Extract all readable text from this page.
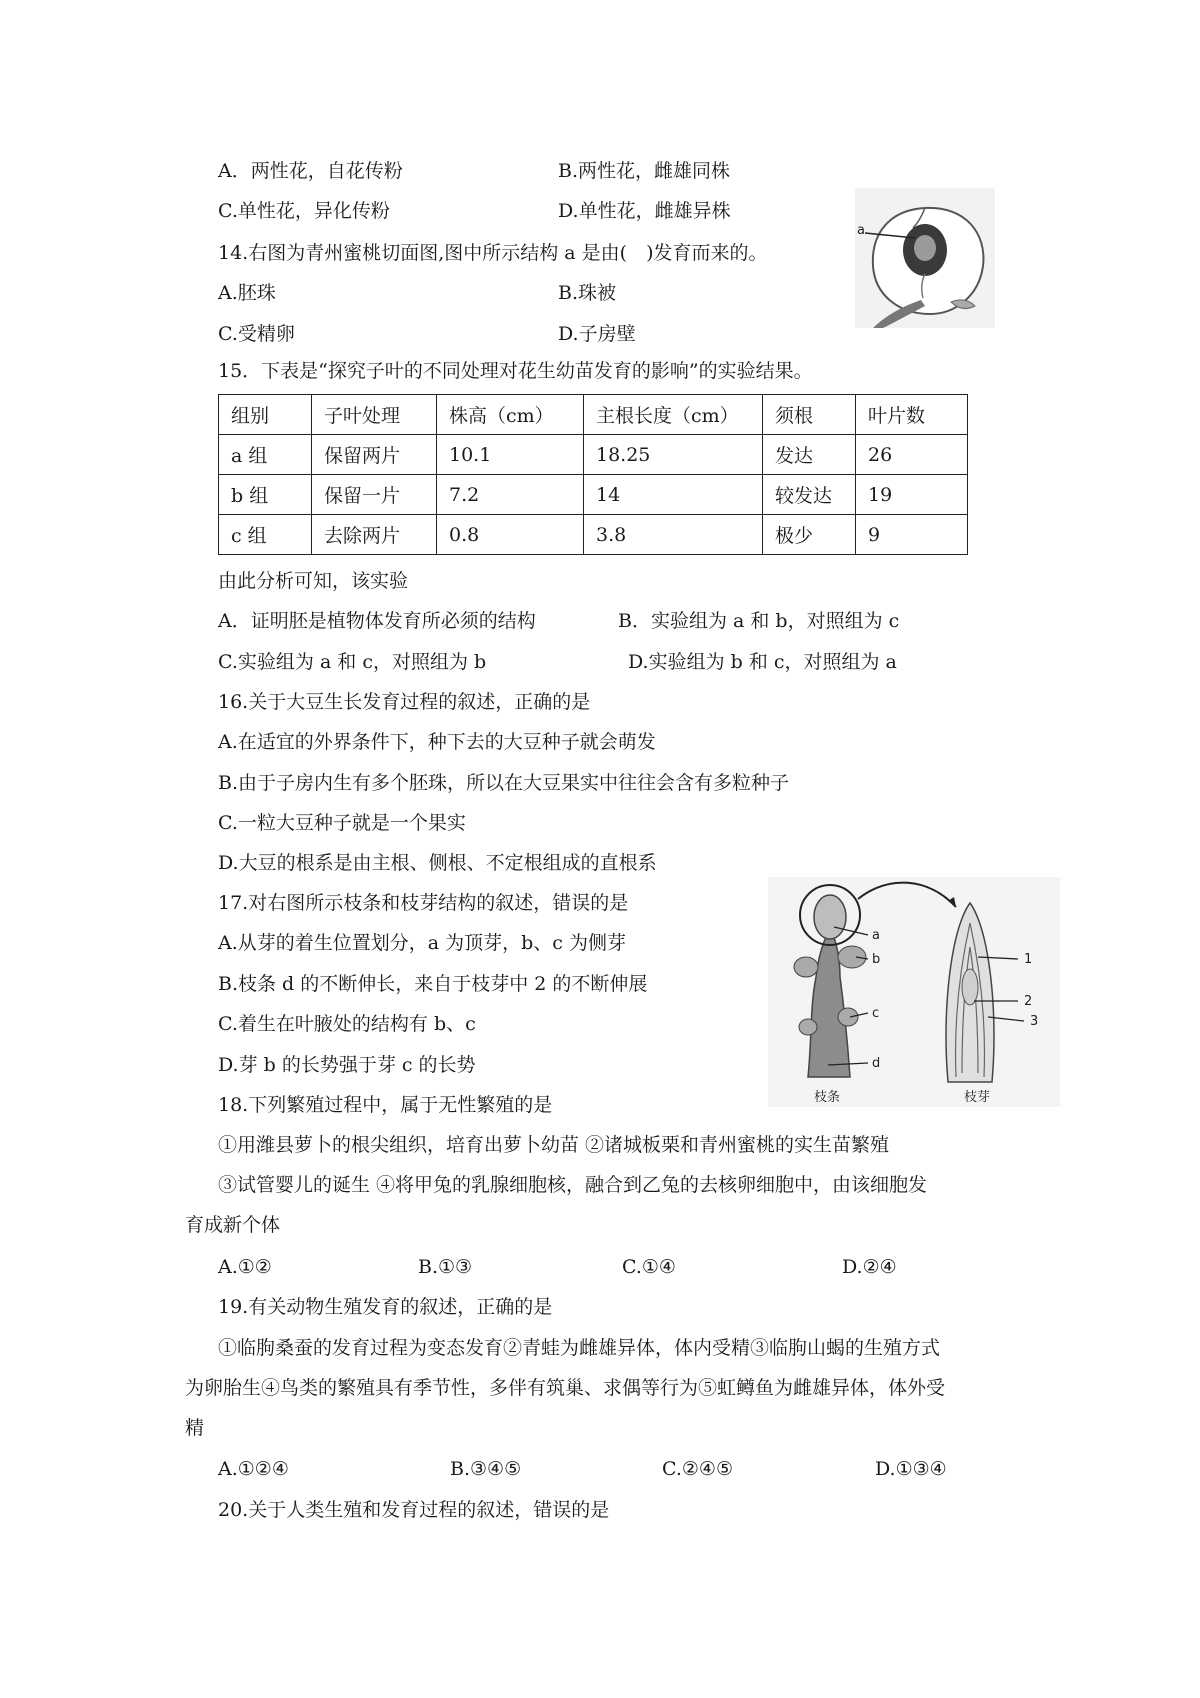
A．两性花，自花传粉	B.两性花，雌雄同株
C.单性花，异化传粉	D.单性花，雌雄异株
14.右图为青州蜜桃切面图,图中所示结构 a 是由(　)发育而来的。
A.胚珠	B.珠被
C.受精卵	D.子房壁
a
15．下表是“探究子叶的不同处理对花生幼苗发育的影响”的实验结果。
组别	子叶处理	株高（cm）	主根长度（cm）	须根	叶片数
a 组	保留两片	10.1	18.25	发达	26
b 组	保留一片	7.2	14	较发达	19
c 组	去除两片	0.8	3.8	极少	9
由此分析可知，该实验
A．证明胚是植物体发育所必须的结构	B．实验组为 a 和 b，对照组为 c
C.实验组为 a 和 c，对照组为 b	D.实验组为 b 和 c，对照组为 a
16.关于大豆生长发育过程的叙述，正确的是
A.在适宜的外界条件下，种下去的大豆种子就会萌发
B.由于子房内生有多个胚珠，所以在大豆果实中往往会含有多粒种子
C.一粒大豆种子就是一个果实
D.大豆的根系是由主根、侧根、不定根组成的直根系
17.对右图所示枝条和枝芽结构的叙述，错误的是
A.从芽的着生位置划分，a 为顶芽，b、c 为侧芽
B.枝条 d 的不断伸长，来自于枝芽中 2 的不断伸展
C.着生在叶腋处的结构有 b、c
D.芽 b 的长势强于芽 c 的长势
a
b
c
d
1
2
3
枝条	枝芽
18.下列繁殖过程中，属于无性繁殖的是
①用潍县萝卜的根尖组织，培育出萝卜幼苗 ②诸城板栗和青州蜜桃的实生苗繁殖
③试管婴儿的诞生 ④将甲兔的乳腺细胞核，融合到乙兔的去核卵细胞中，由该细胞发
育成新个体
A.①②	B.①③	C.①④	D.②④
19.有关动物生殖发育的叙述，正确的是
①临朐桑蚕的发育过程为变态发育②青蛙为雌雄异体，体内受精③临朐山蝎的生殖方式
为卵胎生④鸟类的繁殖具有季节性，多伴有筑巢、求偶等行为⑤虹鳟鱼为雌雄异体，体外受
精
A.①②④	B.③④⑤	C.②④⑤	D.①③④
20.关于人类生殖和发育过程的叙述，错误的是
